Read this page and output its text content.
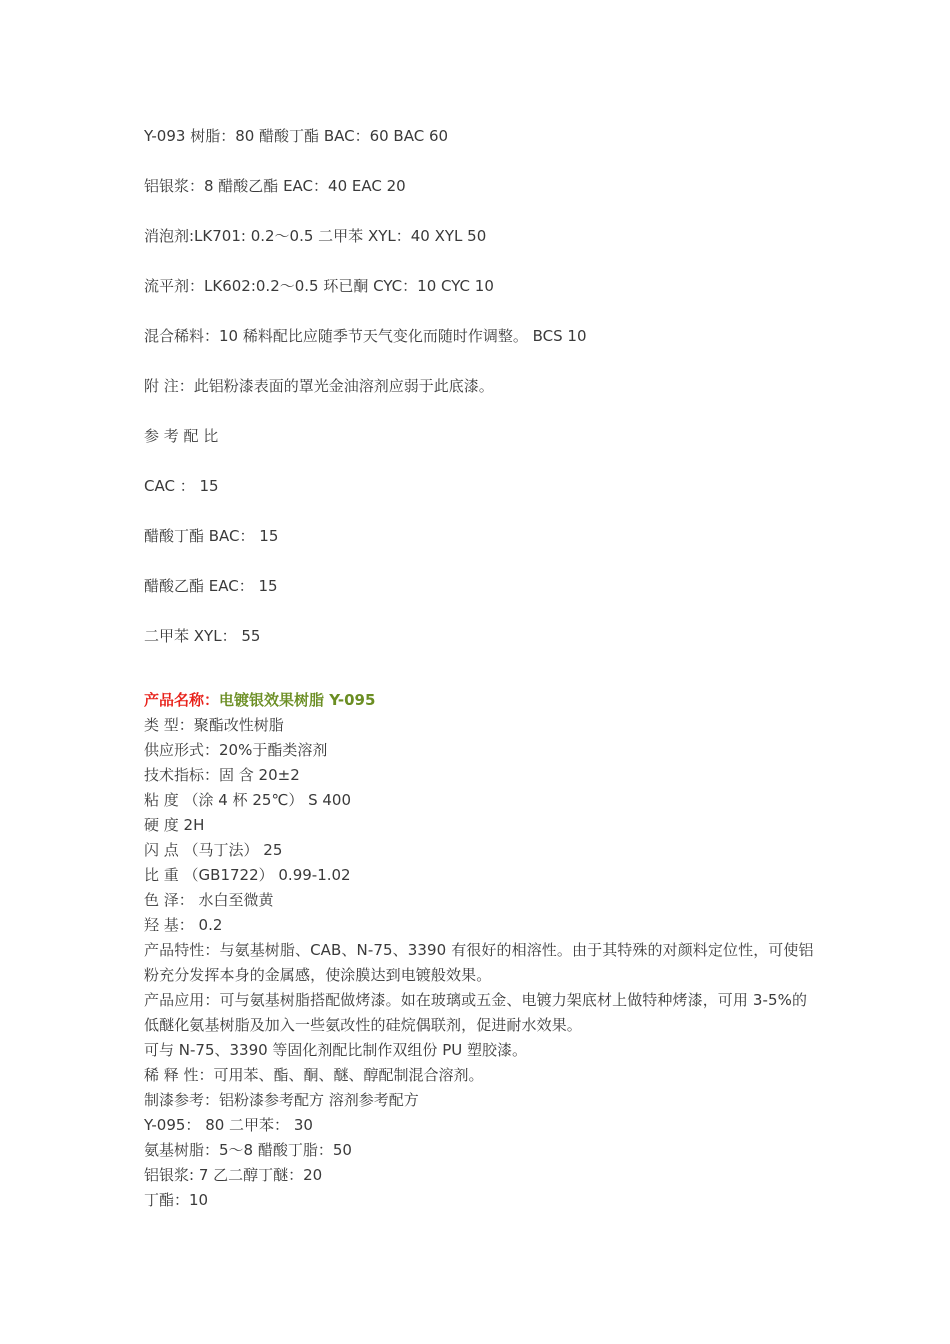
Y-093 树脂：80 醋酸丁酯 BAC：60 BAC 60

铝银浆：8 醋酸乙酯 EAC：40 EAC 20

消泡剂:LK701: 0.2～0.5 二甲苯 XYL：40 XYL 50

流平剂：LK602:0.2～0.5 环已酮 CYC：10 CYC 10

混合稀料：10 稀料配比应随季节天气变化而随时作调整。 BCS 10

附 注：此铝粉漆表面的罩光金油溶剂应弱于此底漆。

参 考 配 比

CAC ： 15

醋酸丁酯 BAC： 15

醋酸乙酯 EAC： 15

二甲苯 XYL： 55

产品名称：电镀银效果树脂 Y-095

类 型：聚酯改性树脂

供应形式：20%于酯类溶剂

技术指标：固 含 20±2

粘 度 （涂 4 杯 25℃） S 400

硬 度 2H

闪 点 （马丁法） 25

比 重 （GB1722） 0.99-1.02

色 泽： 水白至微黄

羟 基： 0.2

产品特性：与氨基树脂、CAB、N-75、3390 有很好的相溶性。由于其特殊的对颜料定位性，可使铝粉充分发挥本身的金属感，使涂膜达到电镀般效果。

产品应用：可与氨基树脂搭配做烤漆。如在玻璃或五金、电镀力架底材上做特种烤漆，可用 3-5%的低醚化氨基树脂及加入一些氨改性的硅烷偶联剂，促进耐水效果。

可与 N-75、3390 等固化剂配比制作双组份 PU 塑胶漆。

稀 释 性：可用苯、酯、酮、醚、醇配制混合溶剂。

制漆参考：铝粉漆参考配方 溶剂参考配方

Y-095： 80 二甲苯： 30

氨基树脂：5～8 醋酸丁脂：50

铝银浆: 7 乙二醇丁醚：20

丁酯：10
